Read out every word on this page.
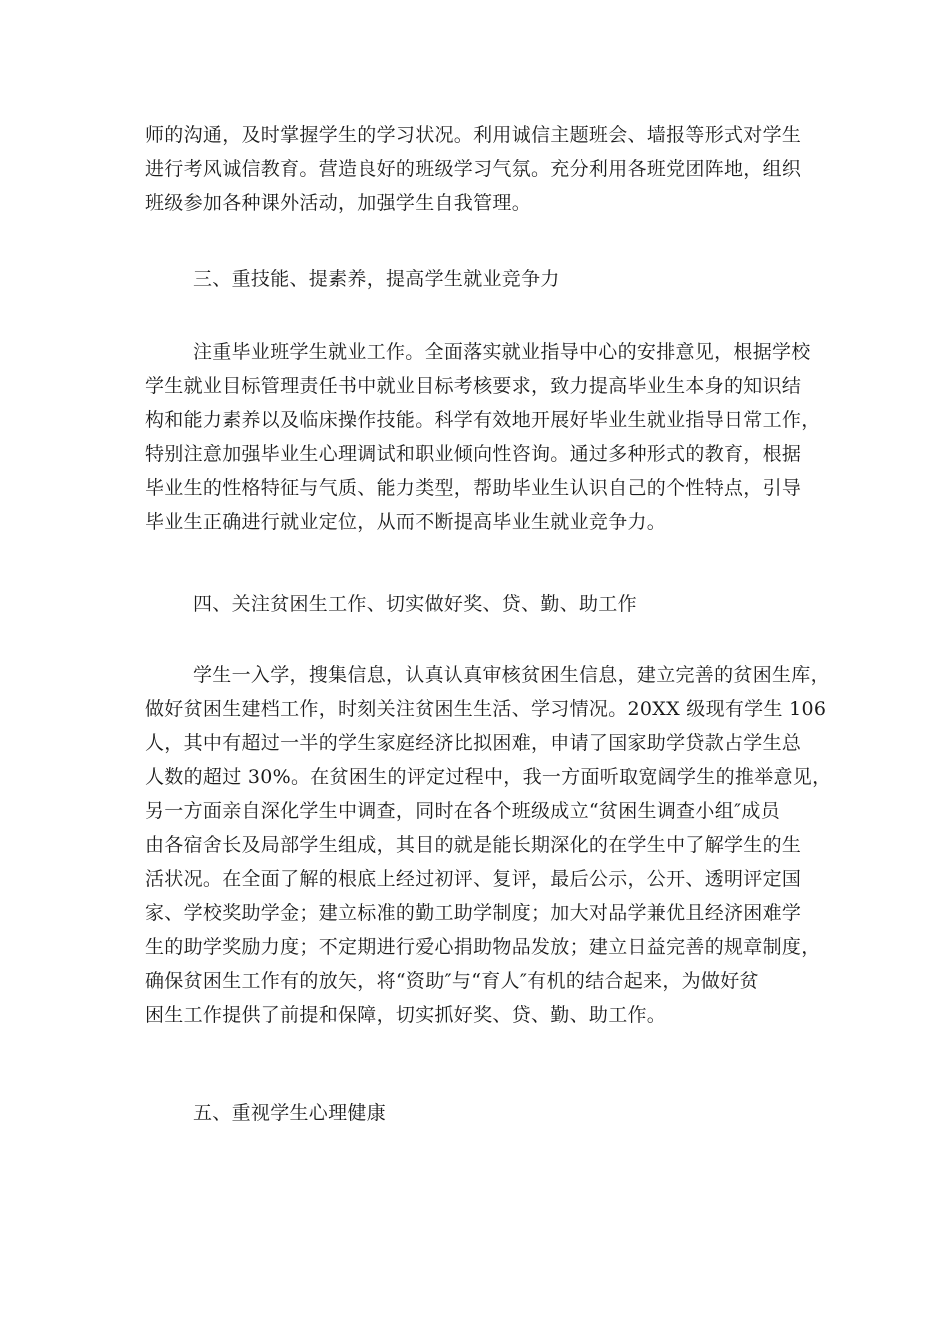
师的沟通，及时掌握学生的学习状况。利用诚信主题班会、墙报等形式对学生
进行考风诚信教育。营造良好的班级学习气氛。充分利用各班党团阵地，组织
班级参加各种课外活动，加强学生自我管理。
三、重技能、提素养，提高学生就业竞争力
注重毕业班学生就业工作。全面落实就业指导中心的安排意见，根据学校
学生就业目标管理责任书中就业目标考核要求，致力提高毕业生本身的知识结
构和能力素养以及临床操作技能。科学有效地开展好毕业生就业指导日常工作，
特别注意加强毕业生心理调试和职业倾向性咨询。通过多种形式的教育，根据
毕业生的性格特征与气质、能力类型，帮助毕业生认识自己的个性特点，引导
毕业生正确进行就业定位，从而不断提高毕业生就业竞争力。
四、关注贫困生工作、切实做好奖、贷、勤、助工作
学生一入学，搜集信息，认真认真审核贫困生信息，建立完善的贫困生库，
做好贫困生建档工作，时刻关注贫困生生活、学习情况。20XX 级现有学生 106
人，其中有超过一半的学生家庭经济比拟困难，申请了国家助学贷款占学生总
人数的超过 30%。在贫困生的评定过程中，我一方面听取宽阔学生的推举意见，
另一方面亲自深化学生中调查，同时在各个班级成立“贫困生调查小组″成员
由各宿舍长及局部学生组成，其目的就是能长期深化的在学生中了解学生的生
活状况。在全面了解的根底上经过初评、复评，最后公示，公开、透明评定国
家、学校奖助学金；建立标准的勤工助学制度；加大对品学兼优且经济困难学
生的助学奖励力度；不定期进行爱心捐助物品发放；建立日益完善的规章制度，
确保贫困生工作有的放矢，将“资助″与“育人″有机的结合起来，为做好贫
困生工作提供了前提和保障，切实抓好奖、贷、勤、助工作。
五、重视学生心理健康
